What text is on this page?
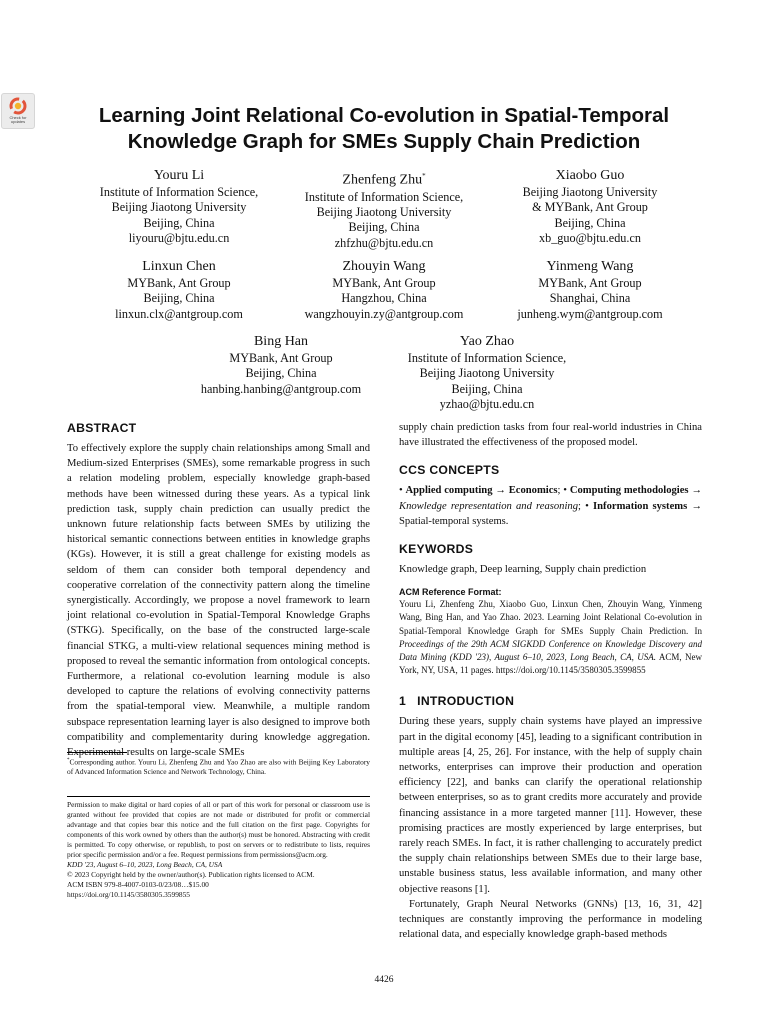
Check for
updates	Learning Joint Relational Co-evolution in Spatial-Temporal
Knowledge Graph for SMEs Supply Chain Prediction
Youru Li
Institute of Information Science,
Beijing Jiaotong University
Beijing, China
liyouru@bjtu.edu.cn
Zhenfeng Zhu*
Institute of Information Science,
Beijing Jiaotong University
Beijing, China
zhfzhu@bjtu.edu.cn
Xiaobo Guo
Beijing Jiaotong University
& MYBank, Ant Group
Beijing, China
xb_guo@bjtu.edu.cn
Linxun Chen
MYBank, Ant Group
Beijing, China
linxun.clx@antgroup.com
Zhouyin Wang
MYBank, Ant Group
Hangzhou, China
wangzhouyin.zy@antgroup.com
Yinmeng Wang
MYBank, Ant Group
Shanghai, China
junheng.wym@antgroup.com
Bing Han
MYBank, Ant Group
Beijing, China
hanbing.hanbing@antgroup.com
Yao Zhao
Institute of Information Science,
Beijing Jiaotong University
Beijing, China
yzhao@bjtu.edu.cn
ABSTRACT

To effectively explore the supply chain relationships among Small and Medium-sized Enterprises (SMEs), some remarkable progress in such a relation modeling problem, especially knowledge graph-based methods have been witnessed during these years. As a typical link prediction task, supply chain prediction can usually predict the unknown future relationship facts between SMEs by utilizing the historical semantic connections between entities in knowledge graphs (KGs). However, it is still a great challenge for existing models as seldom of them can consider both temporal dependency and cooperative correlation of the connectivity pattern along the timeline synergistically. Accordingly, we propose a novel framework to learn joint relational co-evolution in Spatial-Temporal Knowledge Graphs (STKG). Specifically, on the base of the constructed large-scale financial STKG, a multi-view relational sequences mining method is proposed to reveal the semantic information from ontological concepts. Furthermore, a relational co-evolution learning module is also developed to capture the relations of evolving connectivity patterns from the spatial-temporal view. Meanwhile, a multiple random subspace representation learning layer is also designed to improve both compatibility and complementarity during knowledge aggregation. Experimental results on large-scale SMEs

*Corresponding author. Youru Li, Zhenfeng Zhu and Yao Zhao are also with Beijing Key Laboratory of Advanced Information Science and Network Technology, China.

Permission to make digital or hard copies of all or part of this work for personal or classroom use is granted without fee provided that copies are not made or distributed for profit or commercial advantage and that copies bear this notice and the full citation on the first page. Copyrights for components of this work owned by others than the author(s) must be honored. Abstracting with credit is permitted. To copy otherwise, or republish, to post on servers or to redistribute to lists, requires prior specific permission and/or a fee. Request permissions from permissions@acm.org.

KDD '23, August 6–10, 2023, Long Beach, CA, USA

© 2023 Copyright held by the owner/author(s). Publication rights licensed to ACM.

ACM ISBN 979-8-4007-0103-0/23/08…$15.00

https://doi.org/10.1145/3580305.3599855

supply chain prediction tasks from four real-world industries in China have illustrated the effectiveness of the proposed model.

CCS CONCEPTS

• Applied computing → Economics; • Computing methodologies → Knowledge representation and reasoning; • Information systems → Spatial-temporal systems.

KEYWORDS

Knowledge graph, Deep learning, Supply chain prediction

ACM Reference Format:

Youru Li, Zhenfeng Zhu, Xiaobo Guo, Linxun Chen, Zhouyin Wang, Yinmeng Wang, Bing Han, and Yao Zhao. 2023. Learning Joint Relational Co-evolution in Spatial-Temporal Knowledge Graph for SMEs Supply Chain Prediction. In Proceedings of the 29th ACM SIGKDD Conference on Knowledge Discovery and Data Mining (KDD '23), August 6–10, 2023, Long Beach, CA, USA. ACM, New York, NY, USA, 11 pages. https://doi.org/10.1145/3580305.3599855

1 INTRODUCTION

During these years, supply chain systems have played an impressive part in the digital economy [45], leading to a significant contribution in multiple areas [4, 25, 26]. For instance, with the help of supply chain networks, enterprises can improve their production and operation efficiency [22], and banks can clarify the operational relationship between enterprises, so as to grant credits more accurately and provide financing assistance in a more targeted manner [11]. However, these promising practices are mostly experienced by large enterprises, but rarely reach SMEs. In fact, it is rather challenging to accurately predict the supply chain relationships between SMEs due to their large base, unstable business status, less available information, and many other objective reasons [1].

Fortunately, Graph Neural Networks (GNNs) [13, 16, 31, 42] techniques are constantly improving the performance in modeling relational data, and especially knowledge graph-based methods

4426
